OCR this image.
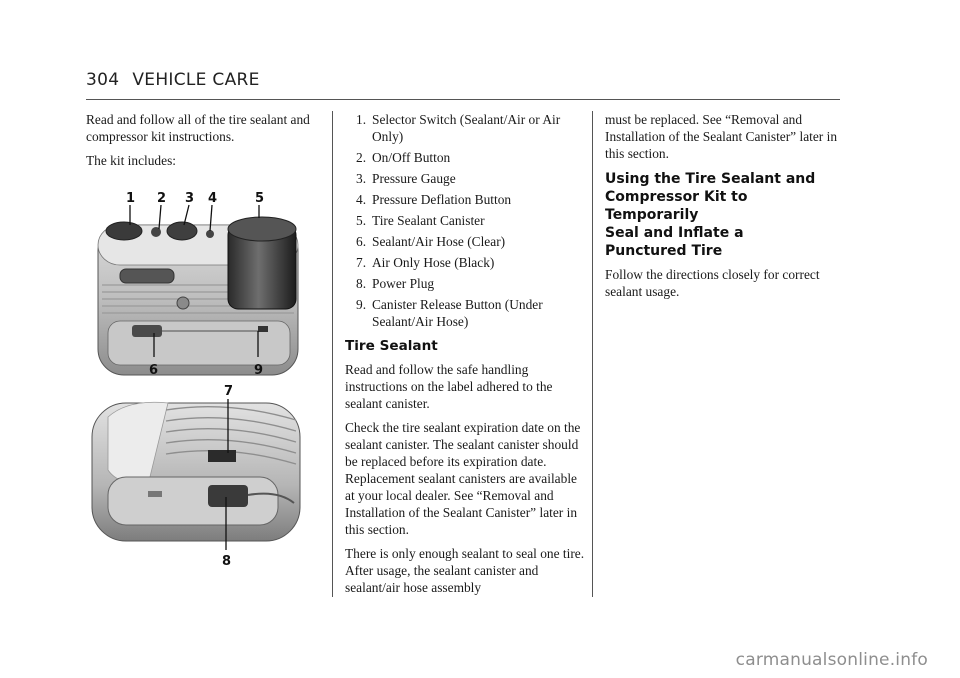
304 VEHICLE CARE

Read and follow all of the tire sealant and compressor kit instructions.

The kit includes:

1 2 3 4	5
6	9
7
8
1. Selector Switch (Sealant/Air or Air Only)
2. On/Off Button
3. Pressure Gauge
4. Pressure Deflation Button
5. Tire Sealant Canister
6. Sealant/Air Hose (Clear)
7. Air Only Hose (Black)
8. Power Plug
9. Canister Release Button (Under Sealant/Air Hose)
Tire Sealant

Read and follow the safe handling instructions on the label adhered to the sealant canister.

Check the tire sealant expiration date on the sealant canister. The sealant canister should be replaced before its expiration date. Replacement sealant canisters are available at your local dealer. See “Removal and Installation of the Sealant Canister” later in this section.

There is only enough sealant to seal one tire. After usage, the sealant canister and sealant/air hose assembly

must be replaced. See “Removal and Installation of the Sealant Canister” later in this section.

Using the Tire Sealant and
Compressor Kit to Temporarily
Seal and Inflate a
Punctured Tire

Follow the directions closely for correct sealant usage.

carmanualsonline.info
